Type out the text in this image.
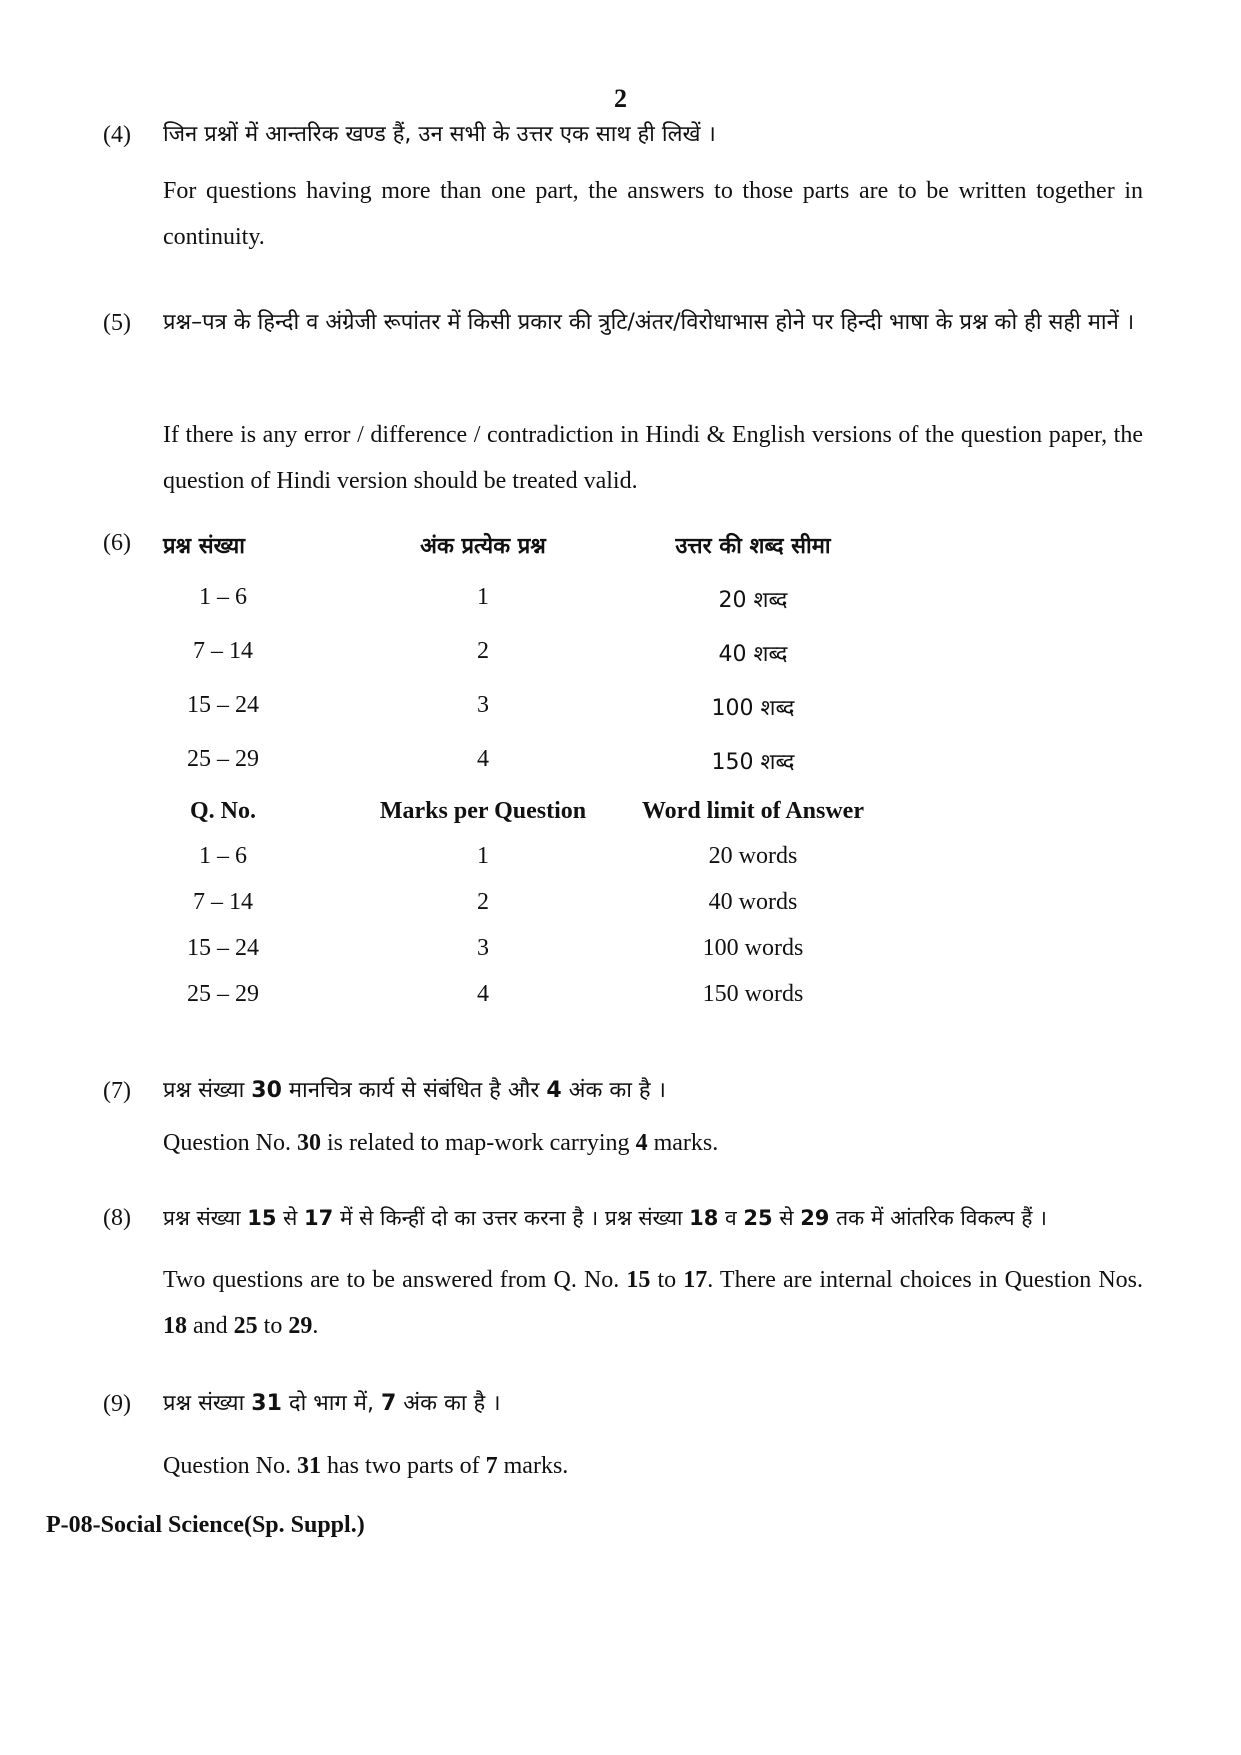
2
(4) जिन प्रश्नों में आन्तरिक खण्ड हैं, उन सभी के उत्तर एक साथ ही लिखें ।
For questions having more than one part, the answers to those parts are to be written together in continuity.
(5) प्रश्न–पत्र के हिन्दी व अंग्रेजी रूपांतर में किसी प्रकार की त्रुटि/अंतर/विरोधाभास होने पर हिन्दी भाषा के प्रश्न को ही सही मानें ।
If there is any error / difference / contradiction in Hindi & English versions of the question paper, the question of Hindi version should be treated valid.
(6) प्रश्न संख्या	अंक प्रत्येक प्रश्न	उत्तर की शब्द सीमा
1 – 6	1	20 शब्द
7 – 14	2	40 शब्द
15 – 24	3	100 शब्द
25 – 29	4	150 शब्द
Q. No.	Marks per Question	Word limit of Answer
1 – 6	1	20 words
7 – 14	2	40 words
15 – 24	3	100 words
25 – 29	4	150 words
(7) प्रश्न संख्या 30 मानचित्र कार्य से संबंधित है और 4 अंक का है ।
Question No. 30 is related to map-work carrying 4 marks.
(8) प्रश्न संख्या 15 से 17 में से किन्हीं दो का उत्तर करना है । प्रश्न संख्या 18 व 25 से 29 तक में आंतरिक विकल्प हैं ।
Two questions are to be answered from Q. No. 15 to 17. There are internal choices in Question Nos. 18 and 25 to 29.
(9) प्रश्न संख्या 31 दो भाग में, 7 अंक का है ।
Question No. 31 has two parts of 7 marks.
P-08-Social Science(Sp. Suppl.)
